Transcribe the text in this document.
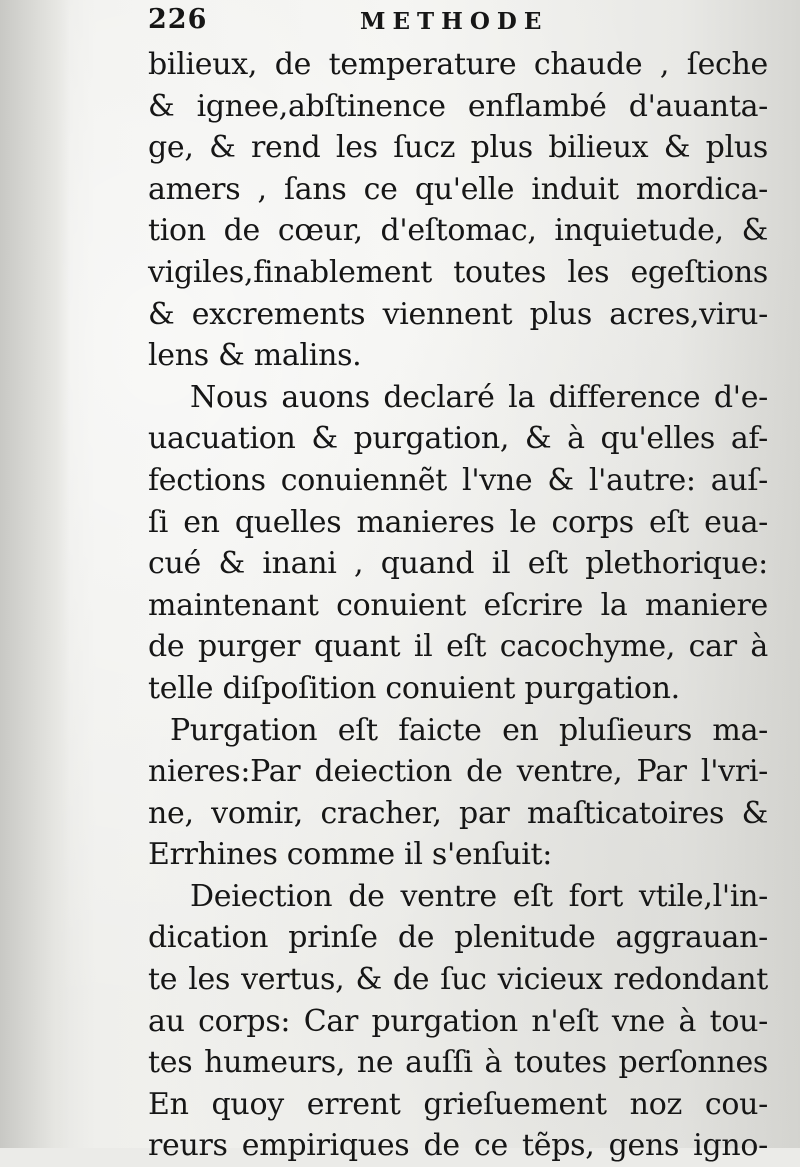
226	METHODE
bilieux, de temperature chaude , ſeche
& ignee,abſtinence enflambé d'auanta-
ge, & rend les ſucz plus bilieux & plus
amers , ſans ce qu'elle induit mordica-
tion de cœur, d'eſtomac, inquietude, &
vigiles,finablement toutes les egeſtions
& excrements viennent plus acres,viru-
lens & malins.
Nous auons declaré la difference d'e-
uacuation & purgation, & à qu'elles af-
fections conuiennẽt l'vne & l'autre: auſ-
ſi en quelles manieres le corps eſt eua-
cué & inani , quand il eſt plethorique:
maintenant conuient eſcrire la maniere
de purger quant il eſt cacochyme, car à
telle diſpoſition conuient purgation.
Purgation eſt faicte en pluſieurs ma-
nieres:Par deiection de ventre, Par l'vri-
ne, vomir, cracher, par maſticatoires &
Errhines comme il s'enſuit:
Deiection de ventre eſt fort vtile,l'in-
dication prinſe de plenitude aggrauan-
te les vertus, & de ſuc vicieux redondant
au corps: Car purgation n'eſt vne à tou-
tes humeurs, ne auſſi à toutes perſonnes
En quoy errent grieſuement noz cou-
reurs empiriques de ce tẽps, gens igno-
